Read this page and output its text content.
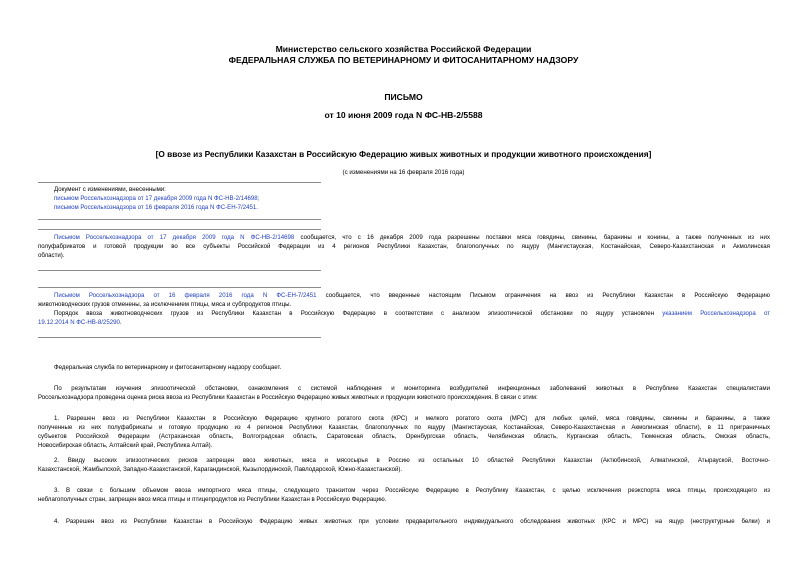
Министерство сельского хозяйства Российской Федерации
ФЕДЕРАЛЬНАЯ СЛУЖБА ПО ВЕТЕРИНАРНОМУ И ФИТОСАНИТАРНОМУ НАДЗОРУ
ПИСЬМО
от 10 июня 2009 года N ФС-НВ-2/5588
[О ввозе из Республики Казахстан в Российскую Федерацию живых животных и продукции животного происхождения]
(с изменениями на 16 февраля 2016 года)

Документ с изменениями, внесенными:

письмом Россельхознадзора от 17 декабря 2009 года N ФС-НВ-2/14698;

письмом Россельхознадзора от 16 февраля 2016 года N ФС-ЕН-7/2451.

Письмом Россельхознадзора от 17 декабря 2009 года N ФС-НВ-2/14698 сообщается, что с 16 декабря 2009 года разрешены поставки мяса говядины, свинины, баранины и конины, а также полученных из них

полуфабрикатов и готовой продукции во все субъекты Российской Федерации из 4 регионов Республики Казахстан, благополучных по ящуру (Мангистауская, Костанайская, Северо-Казахстанская и Акмолинская

области).

Письмом Россельхознадзора от 16 февраля 2016 года N ФС-ЕН-7/2451 сообщается, что введенные настоящим Письмом ограничения на ввоз из Республики Казахстан в Российскую Федерацию

животноводческих грузов отменены, за исключением птицы, мяса и субпродуктов птицы.

Порядок ввоза животноводческих грузов из Республики Казахстан в Российскую Федерацию в соответствии с анализом эпизоотической обстановки по ящуру установлен указанием Россельхознадзора от

19.12.2014 N ФС-НВ-8/25290.

Федеральная служба по ветеринарному и фитосанитарному надзору сообщает.

По результатам изучения эпизоотической обстановки, ознакомления с системой наблюдения и мониторинга возбудителей инфекционных заболеваний животных в Республике Казахстан специалистами

Россельхознадзора проведена оценка риска ввоза из Республики Казахстан в Российскую Федерацию живых животных и продукции животного происхождения. В связи с этим:

1. Разрешен ввоз из Республики Казахстан в Российскую Федерацию крупного рогатого скота (КРС) и мелкого рогатого скота (МРС) для любых целей, мяса говядины, свинины и баранины, а также

полученные из них полуфабрикаты и готовую продукцию из 4 регионов Республики Казахстан, благополучных по ящуру (Мангистауская, Костанайская, Северо-Казахстанская и Акмолинская области), в 11 приграничных

субъектов Российской Федерации (Астраханская область, Волгоградская область, Саратовская область, Оренбургская область, Челябинская область, Курганская область, Тюменская область, Омская область,

Новосибирская область, Алтайский край, Республика Алтай).

2. Ввиду высоких эпизоотических рисков запрещен ввоз животных, мяса и мясосырья в Россию из остальных 10 областей Республики Казахстан (Актюбинской, Алматинской, Атырауской, Восточно-

Казахстанской, Жамбылской, Западно-Казахстанской, Карагандинской, Кызылординской, Павлодарской, Южно-Казахстанской).

3. В связи с большим объемом ввоза импортного мяса птицы, следующего транзитом через Российскую Федерацию в Республику Казахстан, с целью исключения реэкспорта мяса птицы, происходящего из

неблагополучных стран, запрещен ввоз мяса птицы и птицепродуктов из Республики Казахстан в Российскую Федерацию.

4. Разрешен ввоз из Республики Казахстан в Российскую Федерацию живых животных при условии предварительного индивидуального обследования животных (КРС и МРС) на ящур (неструктурные белки) и
